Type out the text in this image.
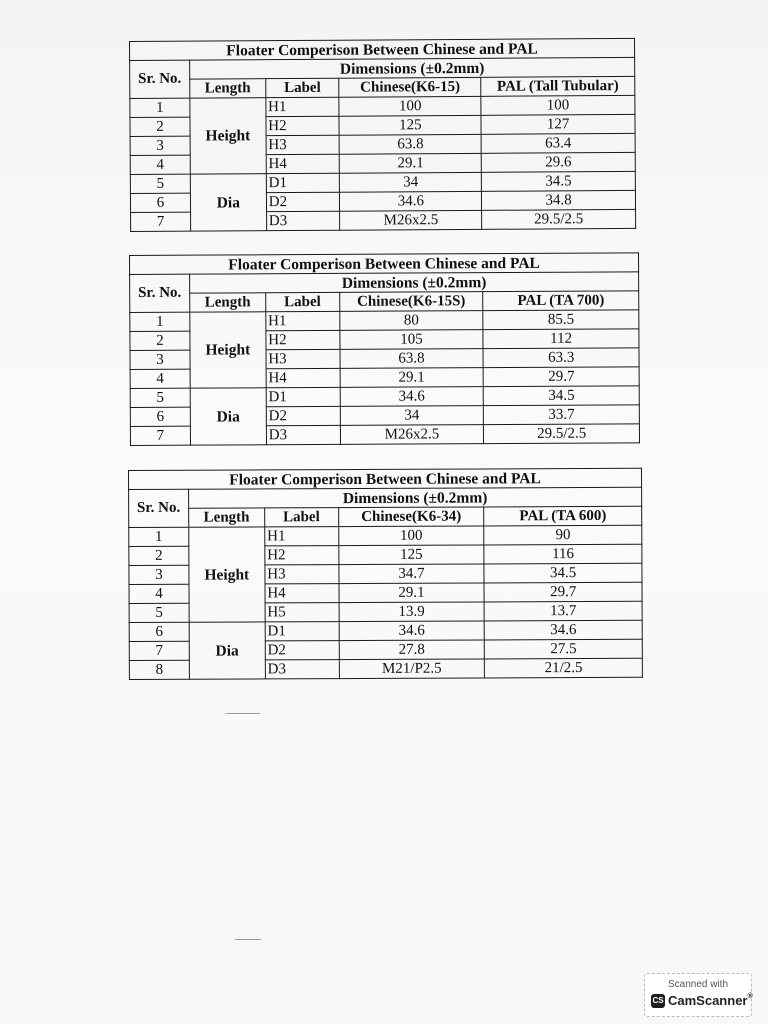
Floater Comperison Between Chinese and PAL				
Sr. No.	Dimensions (±0.2mm)			
	Length	Label	Chinese(K6-15)	PAL (Tall Tubular)
1	Height	H1	100	100
2		H2	125	127
3		H3	63.8	63.4
4		H4	29.1	29.6
5	Dia	D1	34	34.5
6		D2	34.6	34.8
7		D3	M26x2.5	29.5/2.5
Floater Comperison Between Chinese and PAL				
Sr. No.	Dimensions (±0.2mm)			
	Length	Label	Chinese(K6-15S)	PAL (TA 700)
1	Height	H1	80	85.5
2		H2	105	112
3		H3	63.8	63.3
4		H4	29.1	29.7
5	Dia	D1	34.6	34.5
6		D2	34	33.7
7		D3	M26x2.5	29.5/2.5
Floater Comperison Between Chinese and PAL				
Sr. No.	Dimensions (±0.2mm)			
	Length	Label	Chinese(K6-34)	PAL (TA 600)
1	Height	H1	100	90
2		H2	125	116
3		H3	34.7	34.5
4		H4	29.1	29.7
5		H5	13.9	13.7
6	Dia	D1	34.6	34.6
7		D2	27.8	27.5
8		D3	M21/P2.5	21/2.5
Scanned with
CS CamScanner®
